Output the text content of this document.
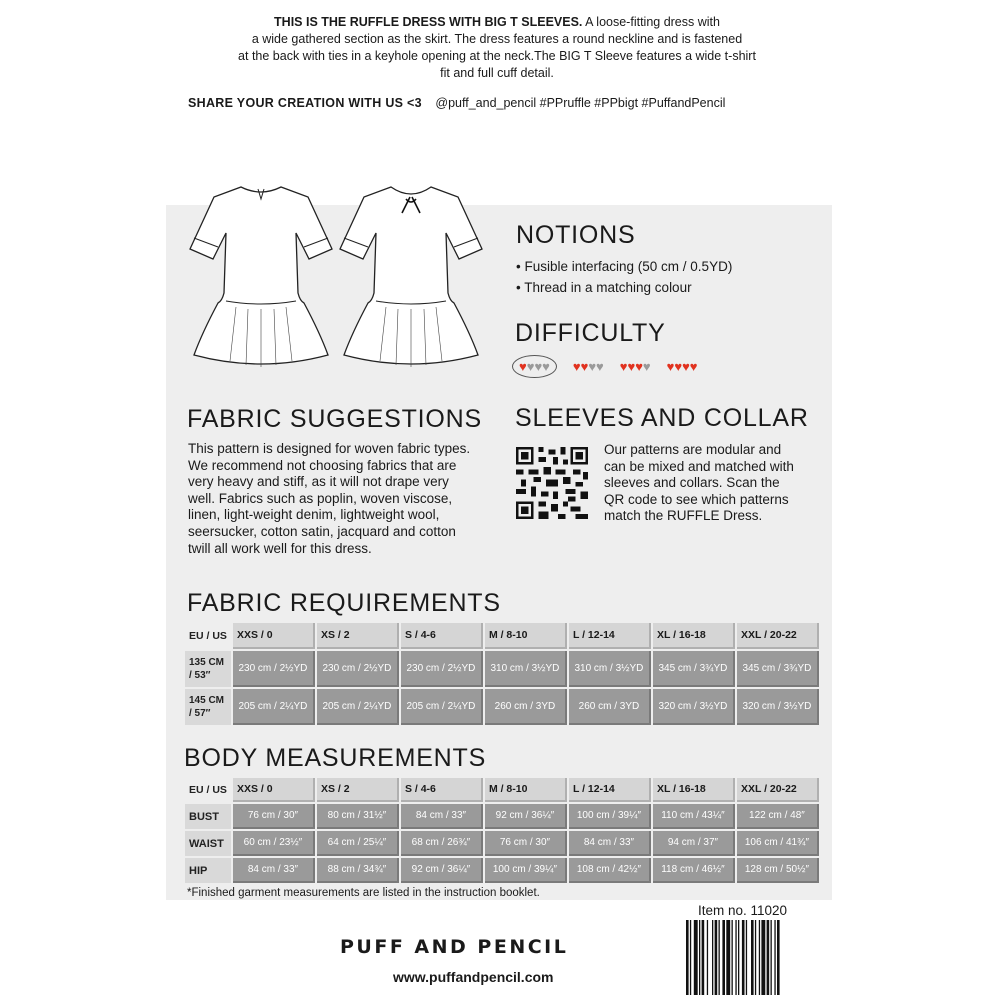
THIS IS THE RUFFLE DRESS WITH BIG T SLEEVES. A loose-fitting dress with
a wide gathered section as the skirt. The dress features a round neckline and is fastened
at the back with ties in a keyhole opening at the neck.The BIG T Sleeve features a wide t-shirt
fit and full cuff detail.
SHARE YOUR CREATION WITH US <3 @puff_and_pencil #PPruffle #PPbigt #PuffandPencil
NOTIONS
• Fusible interfacing (50 cm / 0.5YD)
• Thread in a matching colour
DIFFICULTY
♥ ♥ ♥ ♥ ♥ ♥ ♥ ♥ ♥ ♥ ♥ ♥ ♥ ♥ ♥ ♥
FABRIC SUGGESTIONS
This pattern is designed for woven fabric types.
We recommend not choosing fabrics that are
very heavy and stiff, as it will not drape very
well. Fabrics such as poplin, woven viscose,
linen, light-weight denim, lightweight wool,
seersucker, cotton satin, jacquard and cotton
twill all work well for this dress.
SLEEVES AND COLLAR
Our patterns are modular and
can be mixed and matched with
sleeves and collars. Scan the
QR code to see which patterns
match the RUFFLE Dress.
FABRIC REQUIREMENTS
EU / US	XXS / 0	XS / 2	S / 4-6	M / 8-10	L / 12-14	XL / 16-18	XXL / 20-22

135 CM
/ 53″	230 cm / 2½YD	230 cm / 2½YD	230 cm / 2½YD	310 cm / 3½YD	310 cm / 3½YD	345 cm / 3¾YD	345 cm / 3¾YD

145 CM
/ 57″	205 cm / 2¼YD	205 cm / 2¼YD	205 cm / 2¼YD	260 cm / 3YD	260 cm / 3YD	320 cm / 3½YD	320 cm / 3½YD
BODY MEASUREMENTS
EU / US	XXS / 0	XS / 2	S / 4-6	M / 8-10	L / 12-14	XL / 16-18	XXL / 20-22
BUST	76 cm / 30″	80 cm / 31½″	84 cm / 33″	92 cm / 36¼″	100 cm / 39¼″	110 cm / 43¼″	122 cm / 48″
WAIST	60 cm / 23½″	64 cm / 25¼″	68 cm / 26¾″	76 cm / 30″	84 cm / 33″	94 cm / 37″	106 cm / 41¾″
HIP	84 cm / 33″	88 cm / 34¾″	92 cm / 36¼″	100 cm / 39¼″	108 cm / 42½″	118 cm / 46½″	128 cm / 50½″
*Finished garment measurements are listed in the instruction booklet.
Item no. 11020
PUFF AND PENCIL
www.puffandpencil.com
